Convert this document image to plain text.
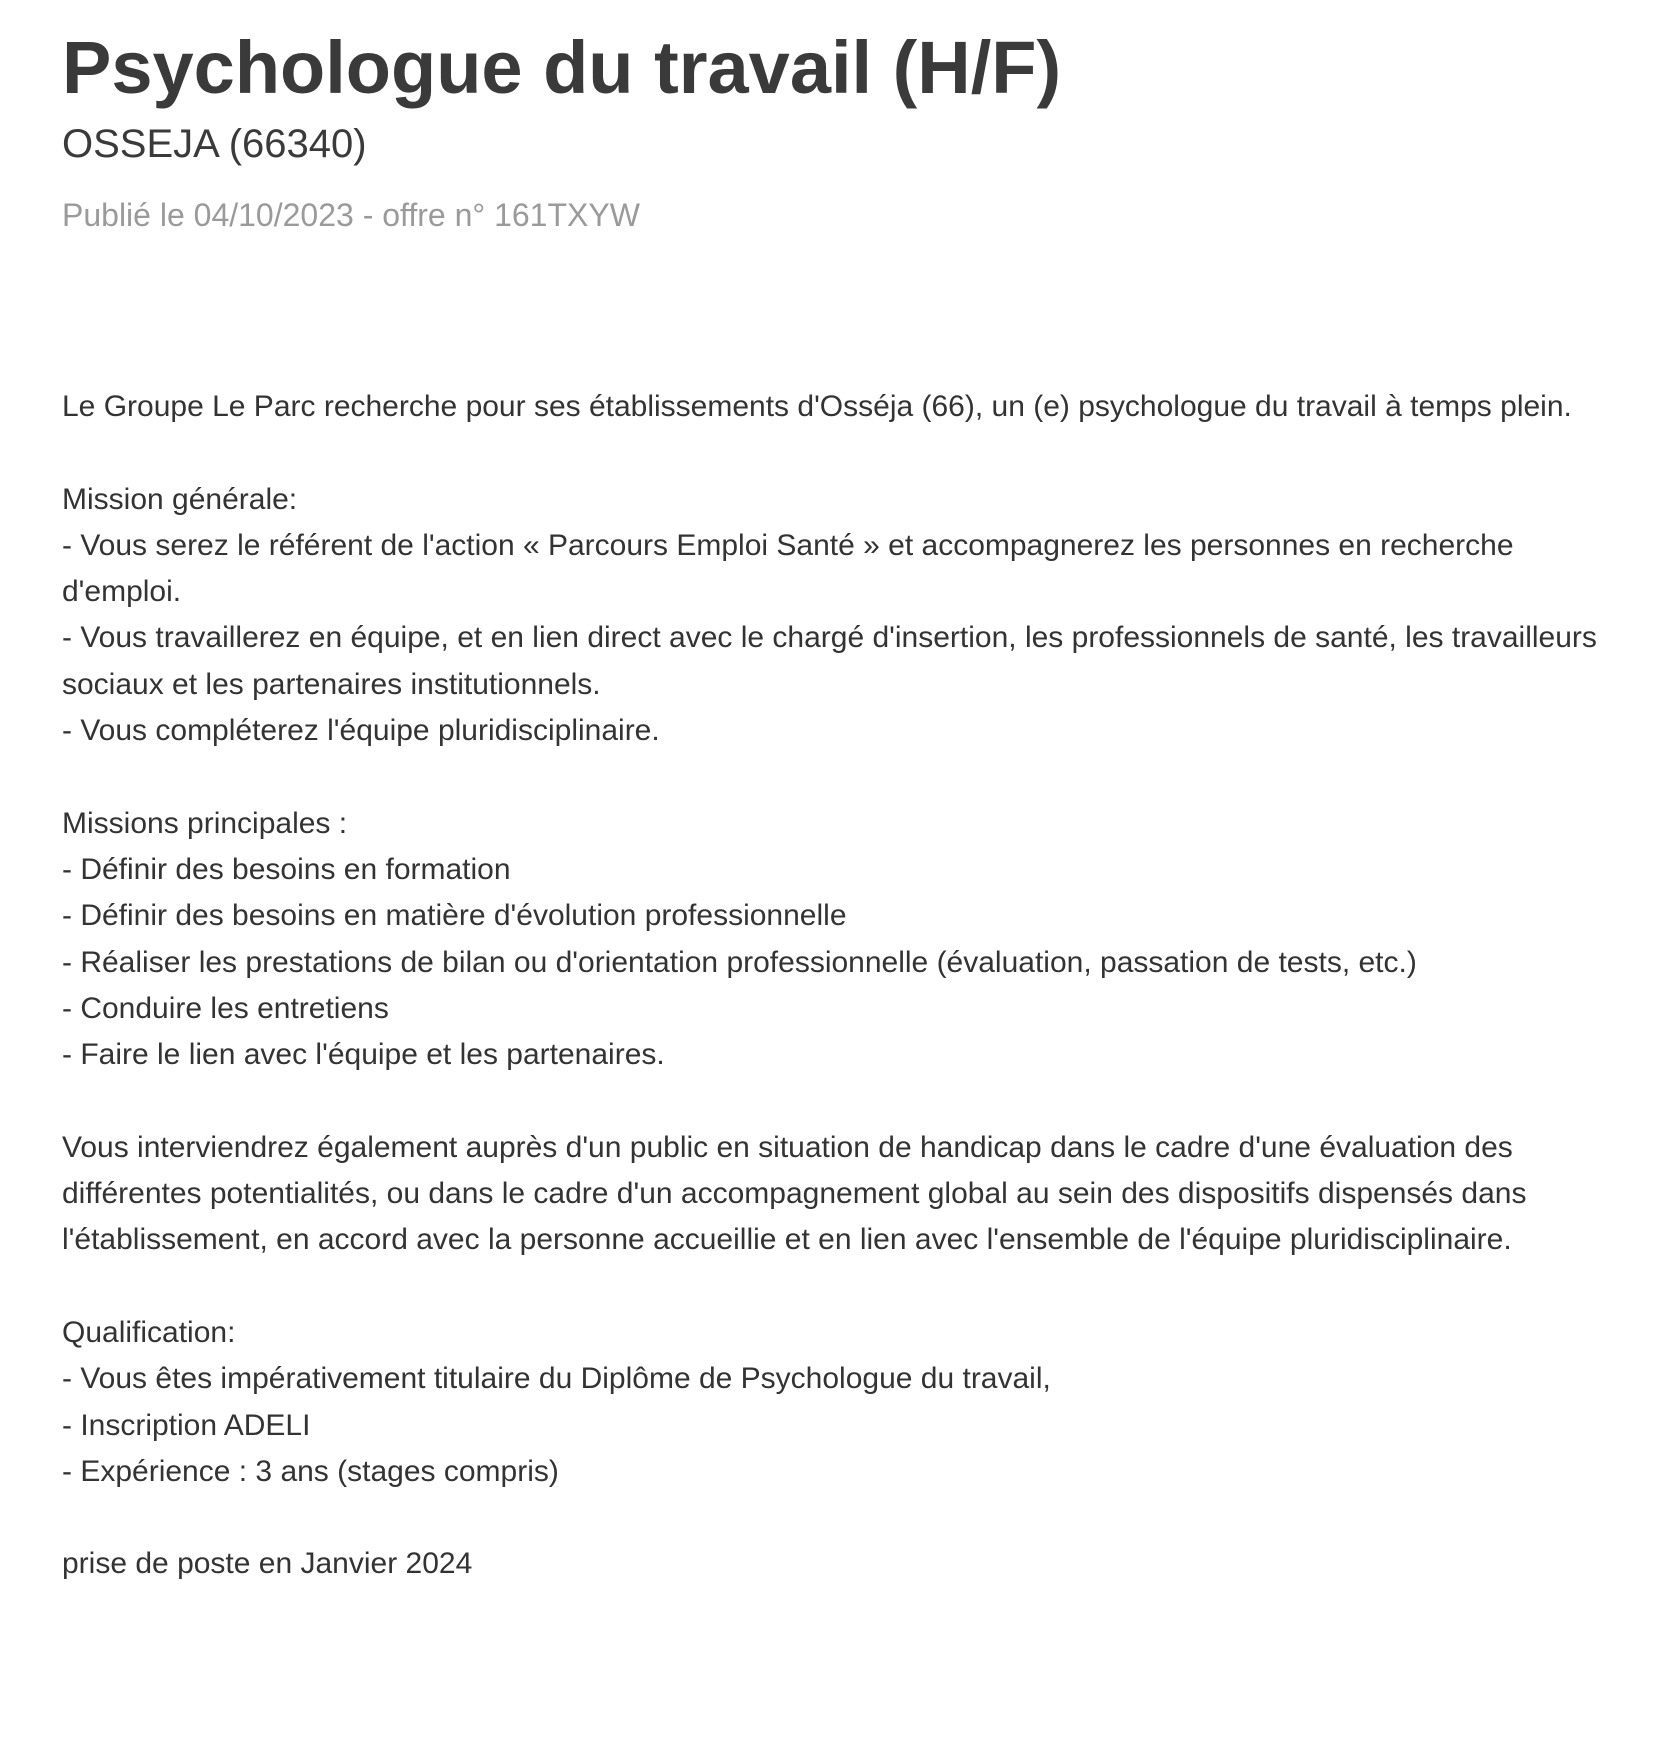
Psychologue du travail (H/F)
OSSEJA (66340)
Publié le 04/10/2023 - offre n° 161TXYW

Le Groupe Le Parc recherche pour ses établissements d'Osséja (66), un (e) psychologue du travail à temps plein.

Mission générale:

- Vous serez le référent de l'action « Parcours Emploi Santé » et accompagnerez les personnes en recherche d'emploi.

- Vous travaillerez en équipe, et en lien direct avec le chargé d'insertion, les professionnels de santé, les travailleurs sociaux et les partenaires institutionnels.

- Vous compléterez l'équipe pluridisciplinaire.

Missions principales :

- Définir des besoins en formation

- Définir des besoins en matière d'évolution professionnelle

- Réaliser les prestations de bilan ou d'orientation professionnelle (évaluation, passation de tests, etc.)

- Conduire les entretiens

- Faire le lien avec l'équipe et les partenaires.

Vous interviendrez également auprès d'un public en situation de handicap dans le cadre d'une évaluation des différentes potentialités, ou dans le cadre d'un accompagnement global au sein des dispositifs dispensés dans l'établissement, en accord avec la personne accueillie et en lien avec l'ensemble de l'équipe pluridisciplinaire.

Qualification:

- Vous êtes impérativement titulaire du Diplôme de Psychologue du travail,

- Inscription ADELI

- Expérience : 3 ans (stages compris)

prise de poste en Janvier 2024
